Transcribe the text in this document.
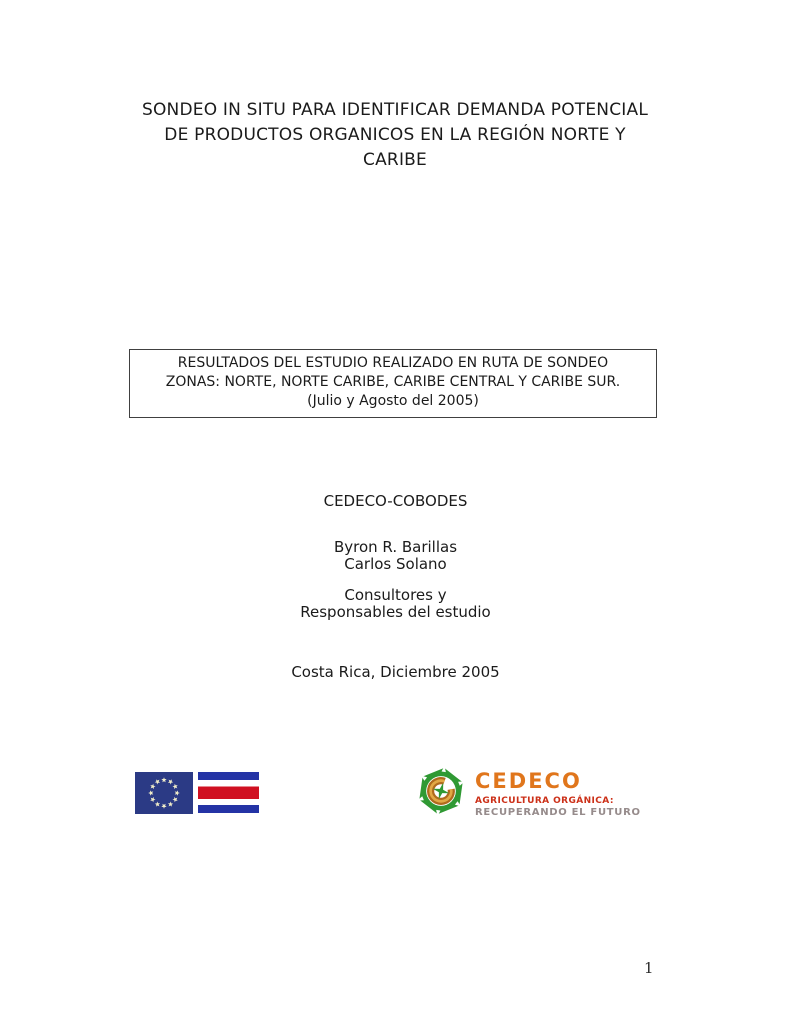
SONDEO IN SITU PARA IDENTIFICAR DEMANDA POTENCIAL
DE PRODUCTOS ORGANICOS EN LA REGIÓN NORTE Y
CARIBE
RESULTADOS DEL ESTUDIO REALIZADO EN RUTA DE SONDEO
ZONAS: NORTE, NORTE CARIBE, CARIBE CENTRAL Y CARIBE SUR.
(Julio y Agosto del 2005)
CEDECO-COBODES
Byron R. Barillas
Carlos Solano
Consultores y
Responsables del estudio
Costa Rica, Diciembre 2005
CEDECO
AGRICULTURA ORGÁNICA:
RECUPERANDO EL FUTURO
1
